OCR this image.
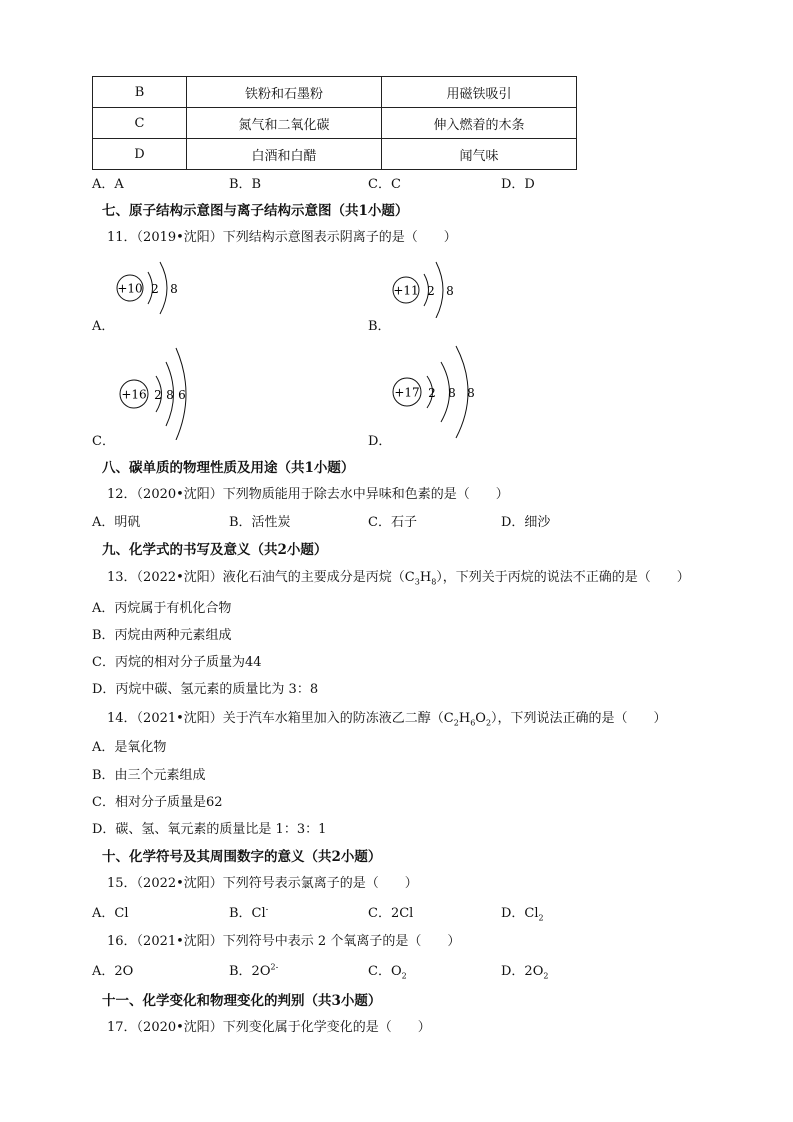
B	铁粉和石墨粉	用磁铁吸引
C	氮气和二氧化碳	伸入燃着的木条
D	白酒和白醋	闻气味
A．A	B．B	C．C	D．D
七、原子结构示意图与离子结构示意图（共1小题）
11．（2019•沈阳）下列结构示意图表示阴离子的是（　　）
+10 2 8
A．
+11 2 8
B．
+16 2 8 6
C．
+17 2 8 8
D．
八、碳单质的物理性质及用途（共1小题）
12．（2020•沈阳）下列物质能用于除去水中异味和色素的是（　　）
A．明矾	B．活性炭	C．石子	D．细沙
九、化学式的书写及意义（共2小题）
13．（2022•沈阳）液化石油气的主要成分是丙烷$(C_3H_8)$，下列关于丙烷的说法不正确的是（　　）
A．丙烷属于有机化合物
B．丙烷由两种元素组成
C．丙烷的相对分子质量为44
D．丙烷中碳、氢元素的质量比为 3：8
14．（2021•沈阳）关于汽车水箱里加入的防冻液乙二醇$(C_2H_6O_2)$，下列说法正确的是（　　）
A．是氧化物
B．由三个元素组成
C．相对分子质量是62
D．碳、氢、氧元素的质量比是 1：3：1
十、化学符号及其周围数字的意义（共2小题）
15．（2022•沈阳）下列符号表示氯离子的是（　　）
A．Cl	B．Cl-	C．2Cl	D．$Cl_2$
16．（2021•沈阳）下列符号中表示 2 个氧离子的是（　　）
A．2O	B．$2O^{2-}$	C．$O_2$	D．$2O_2$
十一、化学变化和物理变化的判别（共3小题）
17．（2020•沈阳）下列变化属于化学变化的是（　　）
